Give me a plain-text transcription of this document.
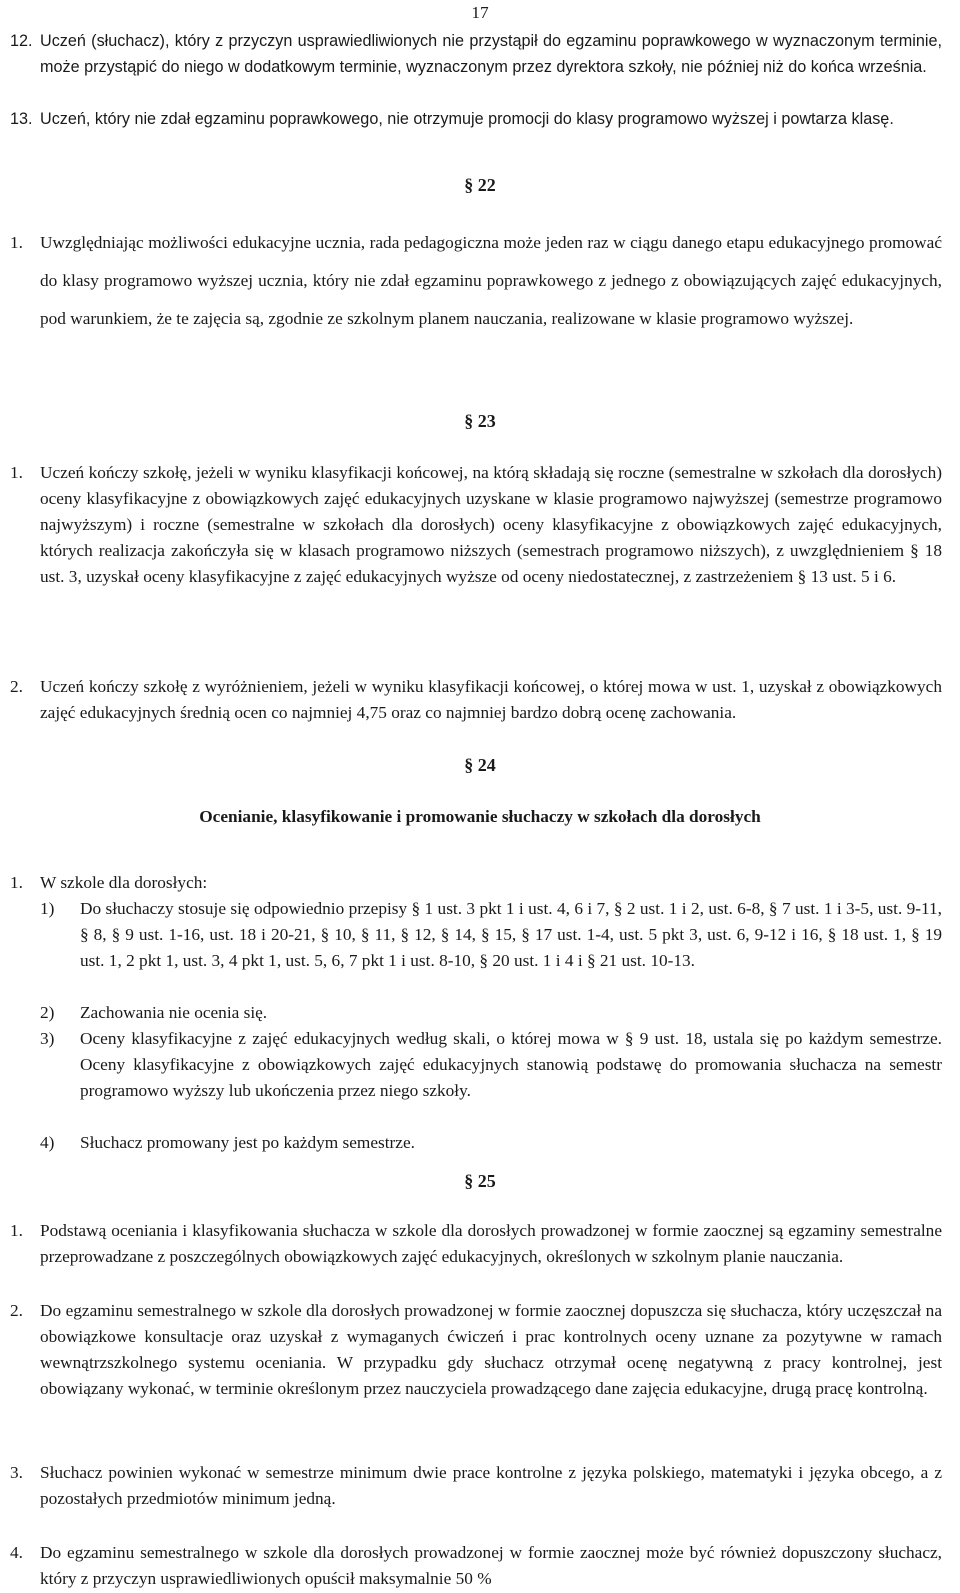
17
12. Uczeń (słuchacz), który z przyczyn usprawiedliwionych nie przystąpił do egzaminu poprawkowego w wyznaczonym terminie, może przystąpić do niego w dodatkowym terminie, wyznaczonym przez dyrektora szkoły, nie później niż do końca września.
13. Uczeń, który nie zdał egzaminu poprawkowego, nie otrzymuje promocji do klasy programowo wyższej i powtarza klasę.
§ 22
1. Uwzględniając możliwości edukacyjne ucznia, rada pedagogiczna może jeden raz w ciągu danego etapu edukacyjnego promować do klasy programowo wyższej ucznia, który nie zdał egzaminu poprawkowego z jednego z obowiązujących zajęć edukacyjnych, pod warunkiem, że te zajęcia są, zgodnie ze szkolnym planem nauczania, realizowane w klasie programowo wyższej.
§ 23
1. Uczeń kończy szkołę, jeżeli w wyniku klasyfikacji końcowej, na którą składają się roczne (semestralne w szkołach dla dorosłych) oceny klasyfikacyjne z obowiązkowych zajęć edukacyjnych uzyskane w klasie programowo najwyższej (semestrze programowo najwyższym) i roczne (semestralne w szkołach dla dorosłych) oceny klasyfikacyjne z obowiązkowych zajęć edukacyjnych, których realizacja zakończyła się w klasach programowo niższych (semestrach programowo niższych), z uwzględnieniem § 18 ust. 3, uzyskał oceny klasyfikacyjne z zajęć edukacyjnych wyższe od oceny niedostatecznej, z zastrzeżeniem § 13 ust. 5 i 6.
2. Uczeń kończy szkołę z wyróżnieniem, jeżeli w wyniku klasyfikacji końcowej, o której mowa w ust. 1, uzyskał z obowiązkowych zajęć edukacyjnych średnią ocen co najmniej 4,75 oraz co najmniej bardzo dobrą ocenę zachowania.
§ 24
Ocenianie, klasyfikowanie i promowanie słuchaczy w szkołach dla dorosłych
1. W szkole dla dorosłych:
1)	Do słuchaczy stosuje się odpowiednio przepisy § 1 ust. 3 pkt 1 i ust. 4, 6 i 7, § 2 ust. 1 i 2, ust. 6-8, § 7 ust. 1 i 3-5, ust. 9-11, § 8, § 9 ust. 1-16, ust. 18 i 20-21, § 10, § 11, § 12, § 14, § 15, § 17 ust. 1-4, ust. 5 pkt 3, ust. 6, 9-12 i 16, § 18 ust. 1, § 19 ust. 1, 2 pkt 1, ust. 3, 4 pkt 1, ust. 5, 6, 7 pkt 1 i ust. 8-10, § 20 ust. 1 i 4 i § 21 ust. 10-13.
2)	Zachowania nie ocenia się.
3)	Oceny klasyfikacyjne z zajęć edukacyjnych według skali, o której mowa w § 9 ust. 18, ustala się po każdym semestrze. Oceny klasyfikacyjne z obowiązkowych zajęć edukacyjnych stanowią podstawę do promowania słuchacza na semestr programowo wyższy lub ukończenia przez niego szkoły.
4)	Słuchacz promowany jest po każdym semestrze.
§ 25
1. Podstawą oceniania i klasyfikowania słuchacza w szkole dla dorosłych prowadzonej w formie zaocznej są egzaminy semestralne przeprowadzane z poszczególnych obowiązkowych zajęć edukacyjnych, określonych w szkolnym planie nauczania.
2. Do egzaminu semestralnego w szkole dla dorosłych prowadzonej w formie zaocznej dopuszcza się słuchacza, który uczęszczał na obowiązkowe konsultacje oraz uzyskał z wymaganych ćwiczeń i prac kontrolnych oceny uznane za pozytywne w ramach wewnątrzszkolnego systemu oceniania. W przypadku gdy słuchacz otrzymał ocenę negatywną z pracy kontrolnej, jest obowiązany wykonać, w terminie określonym przez nauczyciela prowadzącego dane zajęcia edukacyjne, drugą pracę kontrolną.
3. Słuchacz powinien wykonać w semestrze minimum dwie prace kontrolne z języka polskiego, matematyki i języka obcego, a z pozostałych przedmiotów minimum jedną.
4. Do egzaminu semestralnego w szkole dla dorosłych prowadzonej w formie zaocznej może być również dopuszczony słuchacz, który z przyczyn usprawiedliwionych opuścił maksymalnie 50 %
